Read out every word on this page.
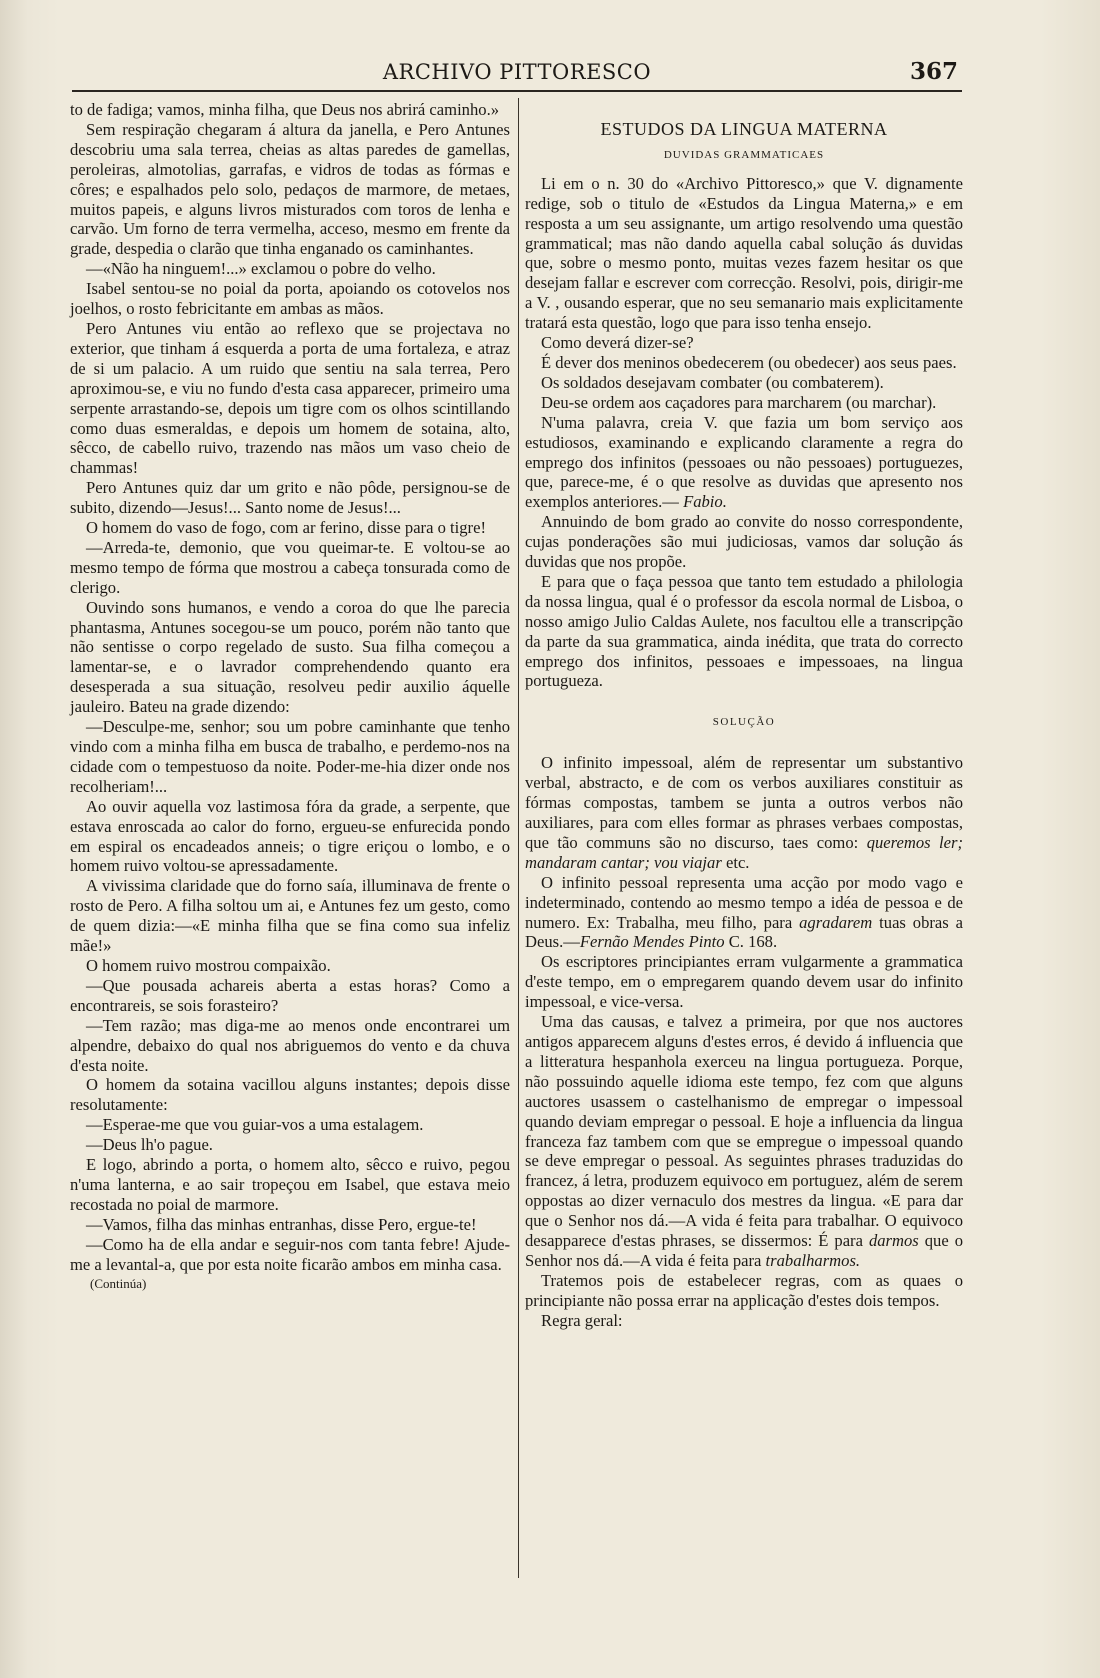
ARCHIVO PITTORESCO	367

to de fadiga; vamos, minha filha, que Deus nos abrirá caminho.»

Sem respiração chegaram á altura da janella, e Pero Antunes descobriu uma sala terrea, cheias as altas paredes de gamellas, peroleiras, almotolias, garrafas, e vidros de todas as fórmas e côres; e espalhados pelo solo, pedaços de marmore, de metaes, muitos papeis, e alguns livros misturados com toros de lenha e carvão. Um forno de terra vermelha, acceso, mesmo em frente da grade, despedia o clarão que tinha enganado os caminhantes.

—«Não ha ninguem!...» exclamou o pobre do velho.

Isabel sentou-se no poial da porta, apoiando os cotovelos nos joelhos, o rosto febricitante em ambas as mãos.

Pero Antunes viu então ao reflexo que se projectava no exterior, que tinham á esquerda a porta de uma fortaleza, e atraz de si um palacio. A um ruido que sentiu na sala terrea, Pero aproximou-se, e viu no fundo d'esta casa apparecer, primeiro uma serpente arrastando-se, depois um tigre com os olhos scintillando como duas esmeraldas, e depois um homem de sotaina, alto, sêcco, de cabello ruivo, trazendo nas mãos um vaso cheio de chammas!

Pero Antunes quiz dar um grito e não pôde, persignou-se de subito, dizendo—Jesus!... Santo nome de Jesus!...

O homem do vaso de fogo, com ar ferino, disse para o tigre!

—Arreda-te, demonio, que vou queimar-te. E voltou-se ao mesmo tempo de fórma que mostrou a cabeça tonsurada como de clerigo.

Ouvindo sons humanos, e vendo a coroa do que lhe parecia phantasma, Antunes socegou-se um pouco, porém não tanto que não sentisse o corpo regelado de susto. Sua filha começou a lamentar-se, e o lavrador comprehendendo quanto era desesperada a sua situação, resolveu pedir auxilio áquelle jauleiro. Bateu na grade dizendo:

—Desculpe-me, senhor; sou um pobre caminhante que tenho vindo com a minha filha em busca de trabalho, e perdemo-nos na cidade com o tempestuoso da noite. Poder-me-hia dizer onde nos recolheriam!...

Ao ouvir aquella voz lastimosa fóra da grade, a serpente, que estava enroscada ao calor do forno, ergueu-se enfurecida pondo em espiral os encadeados anneis; o tigre eriçou o lombo, e o homem ruivo voltou-se apressadamente.

A vivissima claridade que do forno saía, illuminava de frente o rosto de Pero. A filha soltou um ai, e Antunes fez um gesto, como de quem dizia:—«E minha filha que se fina como sua infeliz mãe!»

O homem ruivo mostrou compaixão.

—Que pousada achareis aberta a estas horas? Como a encontrareis, se sois forasteiro?

—Tem razão; mas diga-me ao menos onde encontrarei um alpendre, debaixo do qual nos abriguemos do vento e da chuva d'esta noite.

O homem da sotaina vacillou alguns instantes; depois disse resolutamente:

—Esperae-me que vou guiar-vos a uma estalagem.

—Deus lh'o pague.

E logo, abrindo a porta, o homem alto, sêcco e ruivo, pegou n'uma lanterna, e ao sair tropeçou em Isabel, que estava meio recostada no poial de marmore.

—Vamos, filha das minhas entranhas, disse Pero, ergue-te!

—Como ha de ella andar e seguir-nos com tanta febre! Ajude-me a levantal-a, que por esta noite ficarão ambos em minha casa.

(Continúa)

ESTUDOS DA LINGUA MATERNA
DUVIDAS GRAMMATICAES

Li em o n. 30 do «Archivo Pittoresco,» que V. dignamente redige, sob o titulo de «Estudos da Lingua Materna,» e em resposta a um seu assignante, um artigo resolvendo uma questão grammatical; mas não dando aquella cabal solução ás duvidas que, sobre o mesmo ponto, muitas vezes fazem hesitar os que desejam fallar e escrever com correcção. Resolvi, pois, dirigir-me a V. , ousando esperar, que no seu semanario mais explicitamente tratará esta questão, logo que para isso tenha ensejo.

Como deverá dizer-se?

É dever dos meninos obedecerem (ou obedecer) aos seus paes.

Os soldados desejavam combater (ou combaterem).

Deu-se ordem aos caçadores para marcharem (ou marchar).

N'uma palavra, creia V. que fazia um bom serviço aos estudiosos, examinando e explicando claramente a regra do emprego dos infinitos (pessoaes ou não pessoaes) portuguezes, que, parece-me, é o que resolve as duvidas que apresento nos exemplos anteriores.— Fabio.

Annuindo de bom grado ao convite do nosso correspondente, cujas ponderações são mui judiciosas, vamos dar solução ás duvidas que nos propõe.

E para que o faça pessoa que tanto tem estudado a philologia da nossa lingua, qual é o professor da escola normal de Lisboa, o nosso amigo Julio Caldas Aulete, nos facultou elle a transcripção da parte da sua grammatica, ainda inédita, que trata do correcto emprego dos infinitos, pessoaes e impessoaes, na lingua portugueza.

SOLUÇÃO

O infinito impessoal, além de representar um substantivo verbal, abstracto, e de com os verbos auxiliares constituir as fórmas compostas, tambem se junta a outros verbos não auxiliares, para com elles formar as phrases verbaes compostas, que tão communs são no discurso, taes como: queremos ler; mandaram cantar; vou viajar etc.

O infinito pessoal representa uma acção por modo vago e indeterminado, contendo ao mesmo tempo a idéa de pessoa e de numero. Ex: Trabalha, meu filho, para agradarem tuas obras a Deus.—Fernão Mendes Pinto C. 168.

Os escriptores principiantes erram vulgarmente a grammatica d'este tempo, em o empregarem quando devem usar do infinito impessoal, e vice-versa.

Uma das causas, e talvez a primeira, por que nos auctores antigos apparecem alguns d'estes erros, é devido á influencia que a litteratura hespanhola exerceu na lingua portugueza. Porque, não possuindo aquelle idioma este tempo, fez com que alguns auctores usassem o castelhanismo de empregar o impessoal quando deviam empregar o pessoal. E hoje a influencia da lingua franceza faz tambem com que se empregue o impessoal quando se deve empregar o pessoal. As seguintes phrases traduzidas do francez, á letra, produzem equivoco em portuguez, além de serem oppostas ao dizer vernaculo dos mestres da lingua. «E para dar que o Senhor nos dá.—A vida é feita para trabalhar. O equivoco desapparece d'estas phrases, se dissermos: É para darmos que o Senhor nos dá.—A vida é feita para trabalharmos.

Tratemos pois de estabelecer regras, com as quaes o principiante não possa errar na applicação d'estes dois tempos.

Regra geral:
